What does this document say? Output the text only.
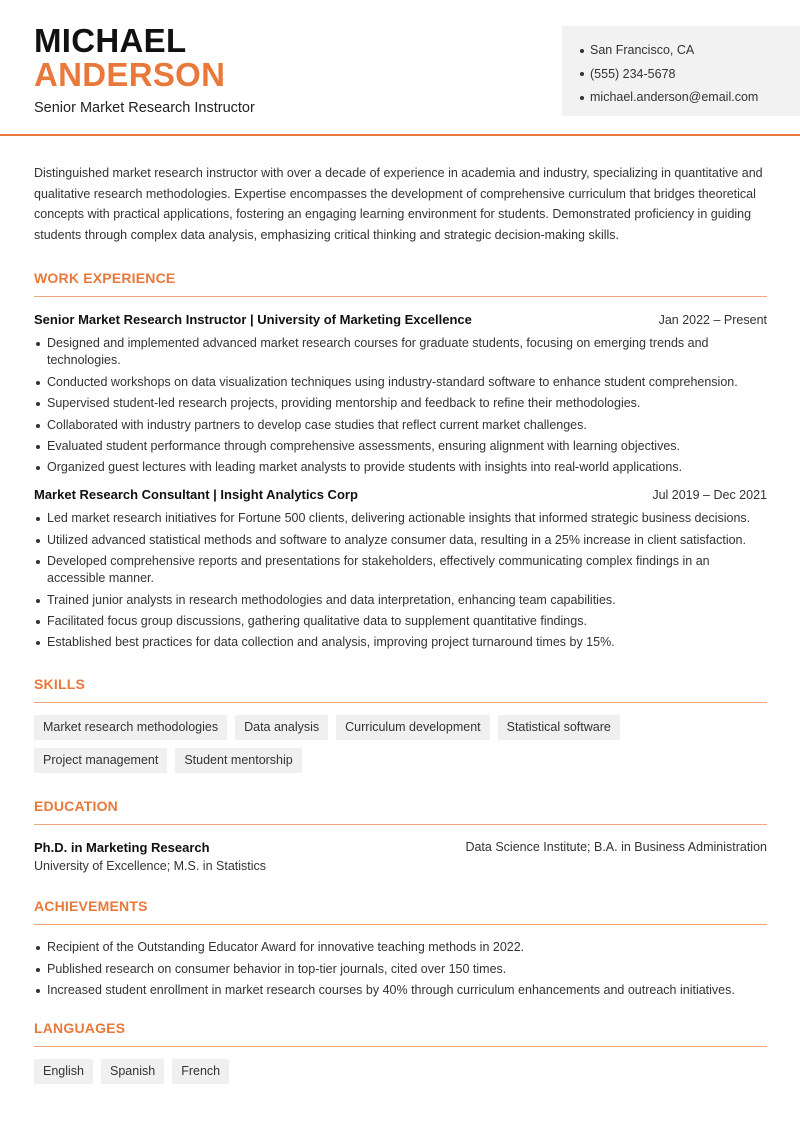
MICHAEL
ANDERSON
Senior Market Research Instructor
San Francisco, CA
(555) 234-5678
michael.anderson@email.com

Distinguished market research instructor with over a decade of experience in academia and industry, specializing in quantitative and qualitative research methodologies. Expertise encompasses the development of comprehensive curriculum that bridges theoretical concepts with practical applications, fostering an engaging learning environment for students. Demonstrated proficiency in guiding students through complex data analysis, emphasizing critical thinking and strategic decision-making skills.

WORK EXPERIENCE
Senior Market Research Instructor | University of Marketing Excellence	Jan 2022 – Present
Designed and implemented advanced market research courses for graduate students, focusing on emerging trends and technologies.
Conducted workshops on data visualization techniques using industry-standard software to enhance student comprehension.
Supervised student-led research projects, providing mentorship and feedback to refine their methodologies.
Collaborated with industry partners to develop case studies that reflect current market challenges.
Evaluated student performance through comprehensive assessments, ensuring alignment with learning objectives.
Organized guest lectures with leading market analysts to provide students with insights into real-world applications.
Market Research Consultant | Insight Analytics Corp	Jul 2019 – Dec 2021
Led market research initiatives for Fortune 500 clients, delivering actionable insights that informed strategic business decisions.
Utilized advanced statistical methods and software to analyze consumer data, resulting in a 25% increase in client satisfaction.
Developed comprehensive reports and presentations for stakeholders, effectively communicating complex findings in an accessible manner.
Trained junior analysts in research methodologies and data interpretation, enhancing team capabilities.
Facilitated focus group discussions, gathering qualitative data to supplement quantitative findings.
Established best practices for data collection and analysis, improving project turnaround times by 15%.
SKILLS
Market research methodologies	Data analysis	Curriculum development	Statistical software
Project management	Student mentorship
EDUCATION
Ph.D. in Marketing Research	Data Science Institute; B.A. in Business Administration
University of Excellence; M.S. in Statistics
ACHIEVEMENTS
Recipient of the Outstanding Educator Award for innovative teaching methods in 2022.
Published research on consumer behavior in top-tier journals, cited over 150 times.
Increased student enrollment in market research courses by 40% through curriculum enhancements and outreach initiatives.
LANGUAGES
English	Spanish	French
